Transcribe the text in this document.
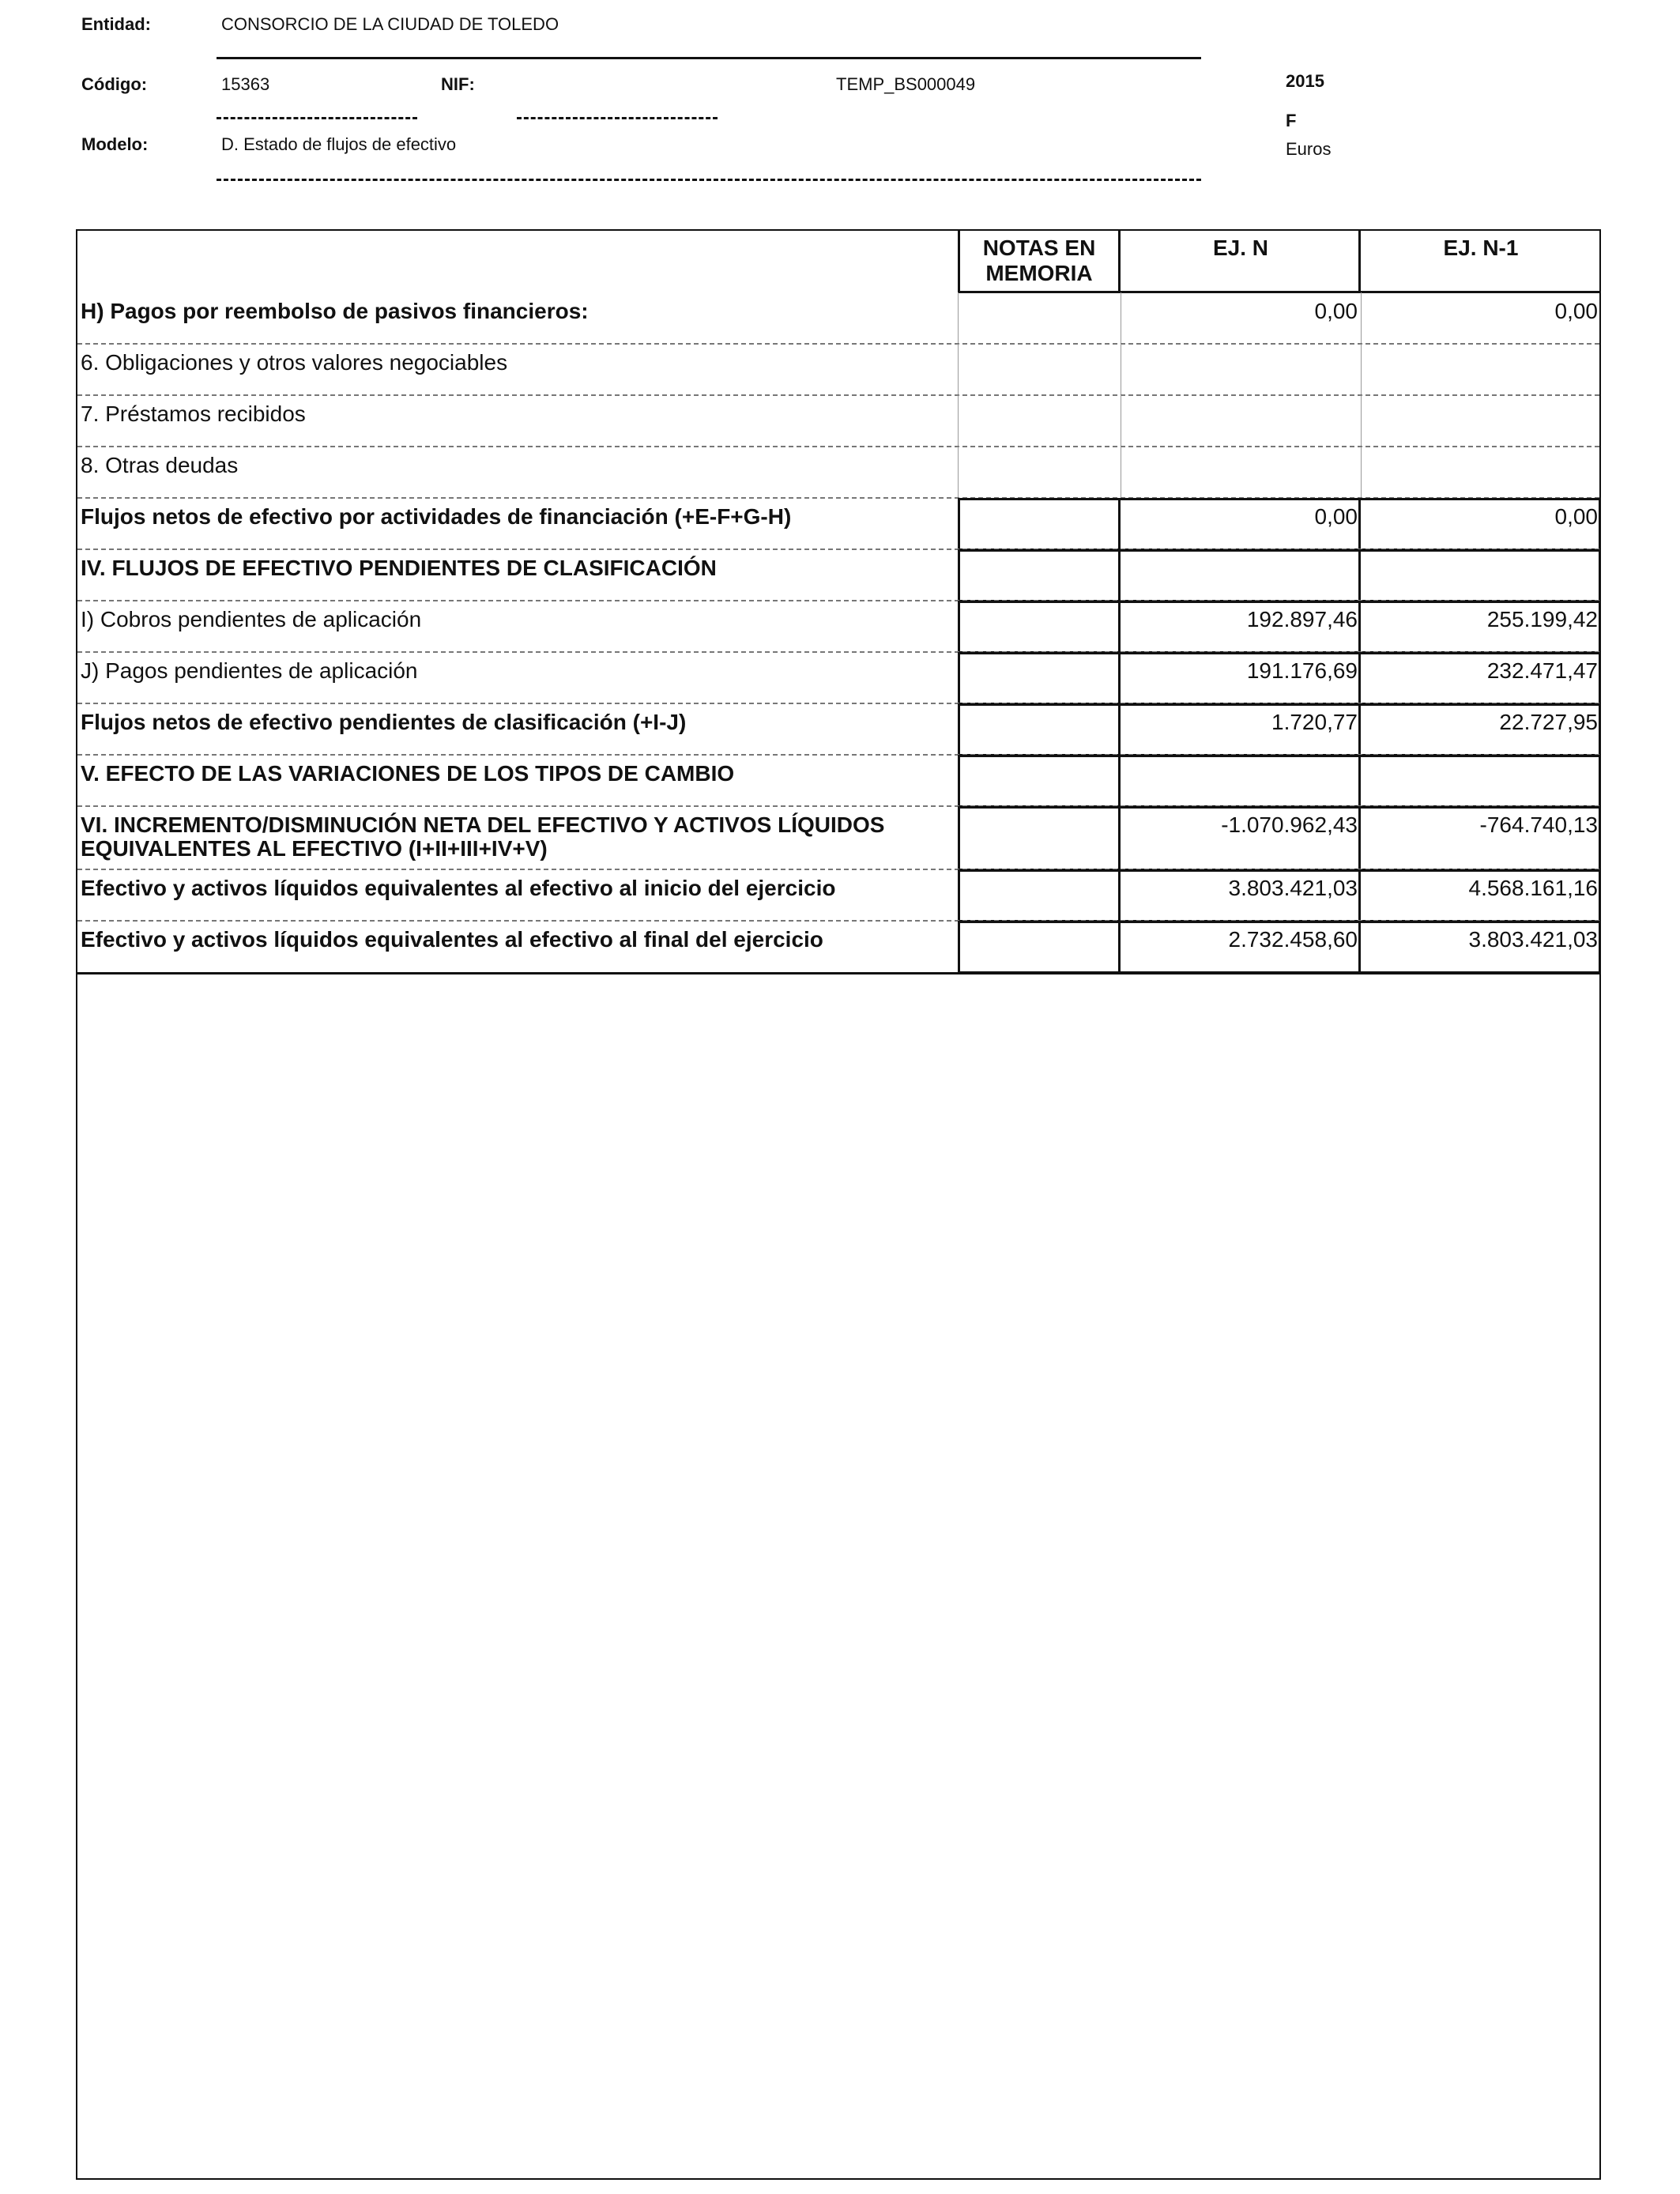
Entidad:	CONSORCIO DE LA CIUDAD DE TOLEDO
Código:	15363	NIF:	TEMP_BS000049
Modelo:	D. Estado de flujos de efectivo
2015
F
Euros
NOTAS EN MEMORIA
EJ. N	EJ. N-1
H) Pagos por reembolso de pasivos financieros:	0,00	0,00
6. Obligaciones y otros valores negociables
7. Préstamos recibidos
8. Otras deudas
Flujos netos de efectivo por actividades de financiación (+E-F+G-H)	0,00	0,00
IV. FLUJOS DE EFECTIVO PENDIENTES DE CLASIFICACIÓN
I) Cobros pendientes de aplicación	192.897,46	255.199,42
J) Pagos pendientes de aplicación	191.176,69	232.471,47
Flujos netos de efectivo pendientes de clasificación (+I-J)	1.720,77	22.727,95
V. EFECTO DE LAS VARIACIONES DE LOS TIPOS DE CAMBIO
VI. INCREMENTO/DISMINUCIÓN NETA DEL EFECTIVO Y ACTIVOS LÍQUIDOS
EQUIVALENTES AL EFECTIVO (I+II+III+IV+V)
-1.070.962,43	-764.740,13
Efectivo y activos líquidos equivalentes al efectivo al inicio del ejercicio	3.803.421,03	4.568.161,16
Efectivo y activos líquidos equivalentes al efectivo al final del ejercicio	2.732.458,60	3.803.421,03
